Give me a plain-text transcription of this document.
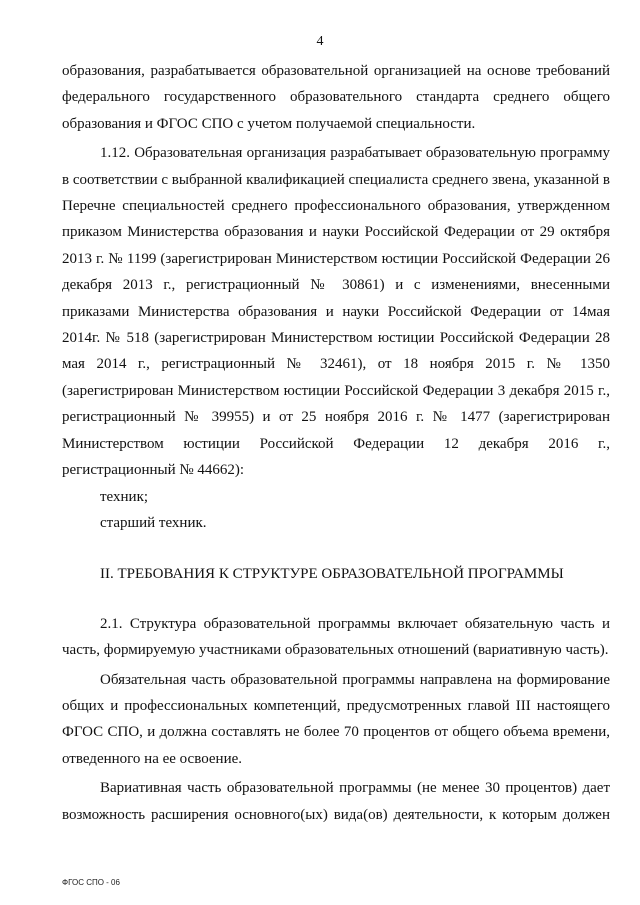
4

образования, разрабатывается образовательной организацией на основе требований федерального государственного образовательного стандарта среднего общего образования и ФГОС СПО с учетом получаемой специальности.

1.12. Образовательная организация разрабатывает образовательную программу в соответствии с выбранной квалификацией специалиста среднего звена, указанной в Перечне специальностей среднего профессионального образования, утвержденном приказом Министерства образования и науки Российской Федерации от 29 октября 2013 г. № 1199 (зарегистрирован Министерством юстиции Российской Федерации 26 декабря 2013 г., регистрационный № 30861) и с изменениями, внесенными приказами Министерства образования и науки Российской Федерации от 14мая 2014г. № 518 (зарегистрирован Министерством юстиции Российской Федерации 28 мая 2014 г., регистрационный № 32461), от 18 ноября 2015 г. № 1350 (зарегистрирован Министерством юстиции Российской Федерации 3 декабря 2015 г., регистрационный № 39955) и от 25 ноября 2016 г. № 1477 (зарегистрирован Министерством юстиции Российской Федерации 12 декабря 2016 г., регистрационный № 44662):

техник;

старший техник.

II. ТРЕБОВАНИЯ К СТРУКТУРЕ ОБРАЗОВАТЕЛЬНОЙ ПРОГРАММЫ

2.1. Структура образовательной программы включает обязательную часть и часть, формируемую участниками образовательных отношений (вариативную часть).

Обязательная часть образовательной программы направлена на формирование общих и профессиональных компетенций, предусмотренных главой III настоящего ФГОС СПО, и должна составлять не более 70 процентов от общего объема времени, отведенного на ее освоение.

Вариативная часть образовательной программы (не менее 30 процентов) дает возможность расширения основного(ых) вида(ов) деятельности, к которым должен

ФГОС СПО - 06
